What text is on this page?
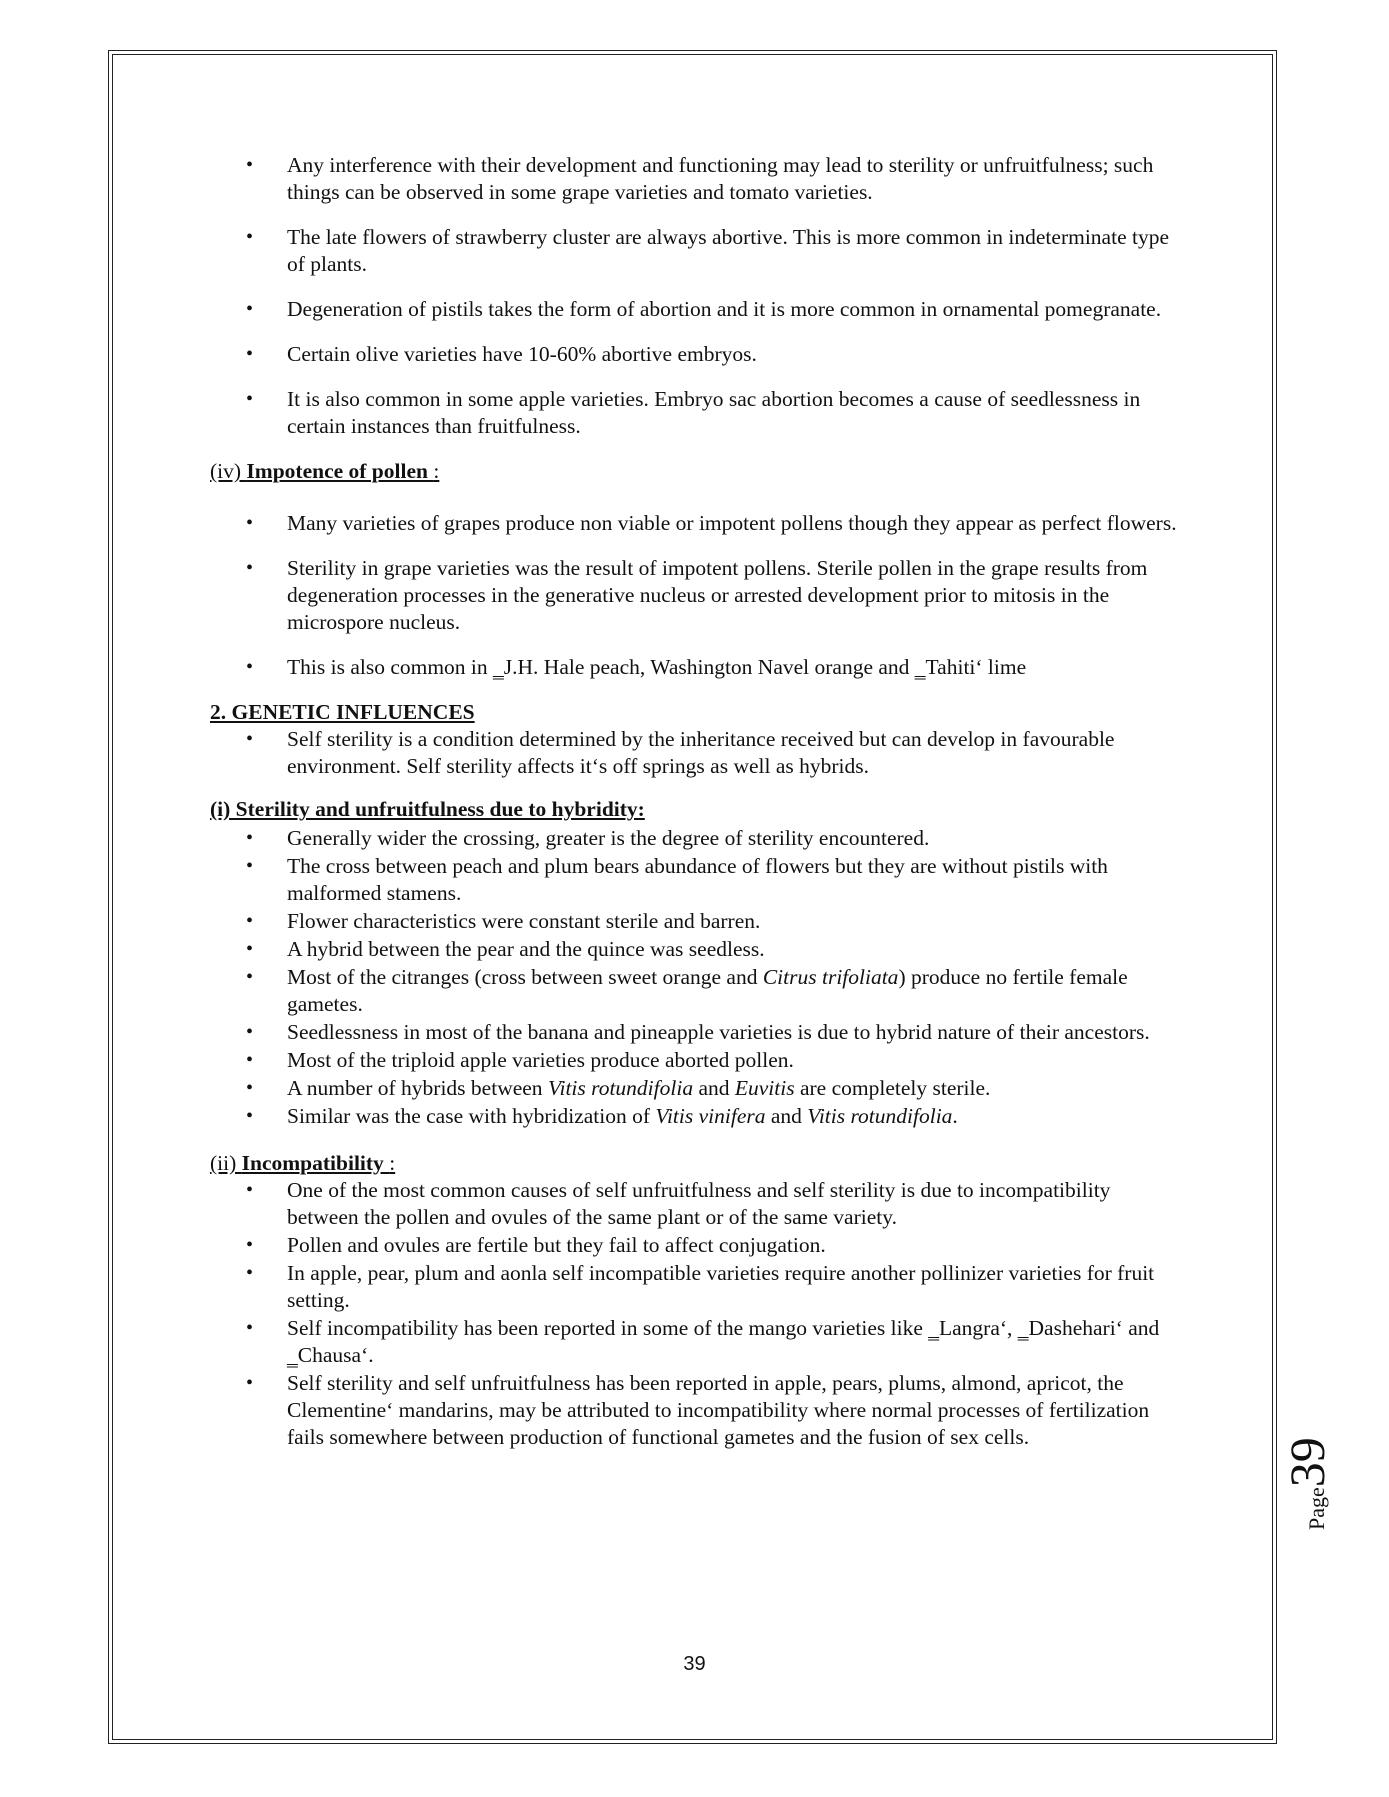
• Any interference with their development and functioning may lead to sterility or unfruitfulness; such things can be observed in some grape varieties and tomato varieties.
• The late flowers of strawberry cluster are always abortive. This is more common in indeterminate type of plants.
• Degeneration of pistils takes the form of abortion and it is more common in ornamental pomegranate.
• Certain olive varieties have 10-60% abortive embryos.
• It is also common in some apple varieties. Embryo sac abortion becomes a cause of seedlessness in certain instances than fruitfulness.

(iv) Impotence of pollen :

• Many varieties of grapes produce non viable or impotent pollens though they appear as perfect flowers.
• Sterility in grape varieties was the result of impotent pollens. Sterile pollen in the grape results from degeneration processes in the generative nucleus or arrested development prior to mitosis in the microspore nucleus.
• This is also common in ‗J.H. Hale peach, Washington Navel orange and ‗Tahiti‘ lime

2. GENETIC INFLUENCES

• Self sterility is a condition determined by the inheritance received but can develop in favourable environment. Self sterility affects it‘s off springs as well as hybrids.

(i) Sterility and unfruitfulness due to hybridity:

• Generally wider the crossing, greater is the degree of sterility encountered.
• The cross between peach and plum bears abundance of flowers but they are without pistils with malformed stamens.
• Flower characteristics were constant sterile and barren.
• A hybrid between the pear and the quince was seedless.
• Most of the citranges (cross between sweet orange and Citrus trifoliata) produce no fertile female gametes.
• Seedlessness in most of the banana and pineapple varieties is due to hybrid nature of their ancestors.
• Most of the triploid apple varieties produce aborted pollen.
• A number of hybrids between Vitis rotundifolia and Euvitis are completely sterile.
• Similar was the case with hybridization of Vitis vinifera and Vitis rotundifolia.

(ii) Incompatibility :

• One of the most common causes of self unfruitfulness and self sterility is due to incompatibility between the pollen and ovules of the same plant or of the same variety.
• Pollen and ovules are fertile but they fail to affect conjugation.
• In apple, pear, plum and aonla self incompatible varieties require another pollinizer varieties for fruit setting.
• Self incompatibility has been reported in some of the mango varieties like ‗Langra‘, ‗Dashehari‘ and ‗Chausa‘.
• Self sterility and self unfruitfulness has been reported in apple, pears, plums, almond, apricot, the Clementine‘ mandarins, may be attributed to incompatibility where normal processes of fertilization fails somewhere between production of functional gametes and the fusion of sex cells.
39
Page39
